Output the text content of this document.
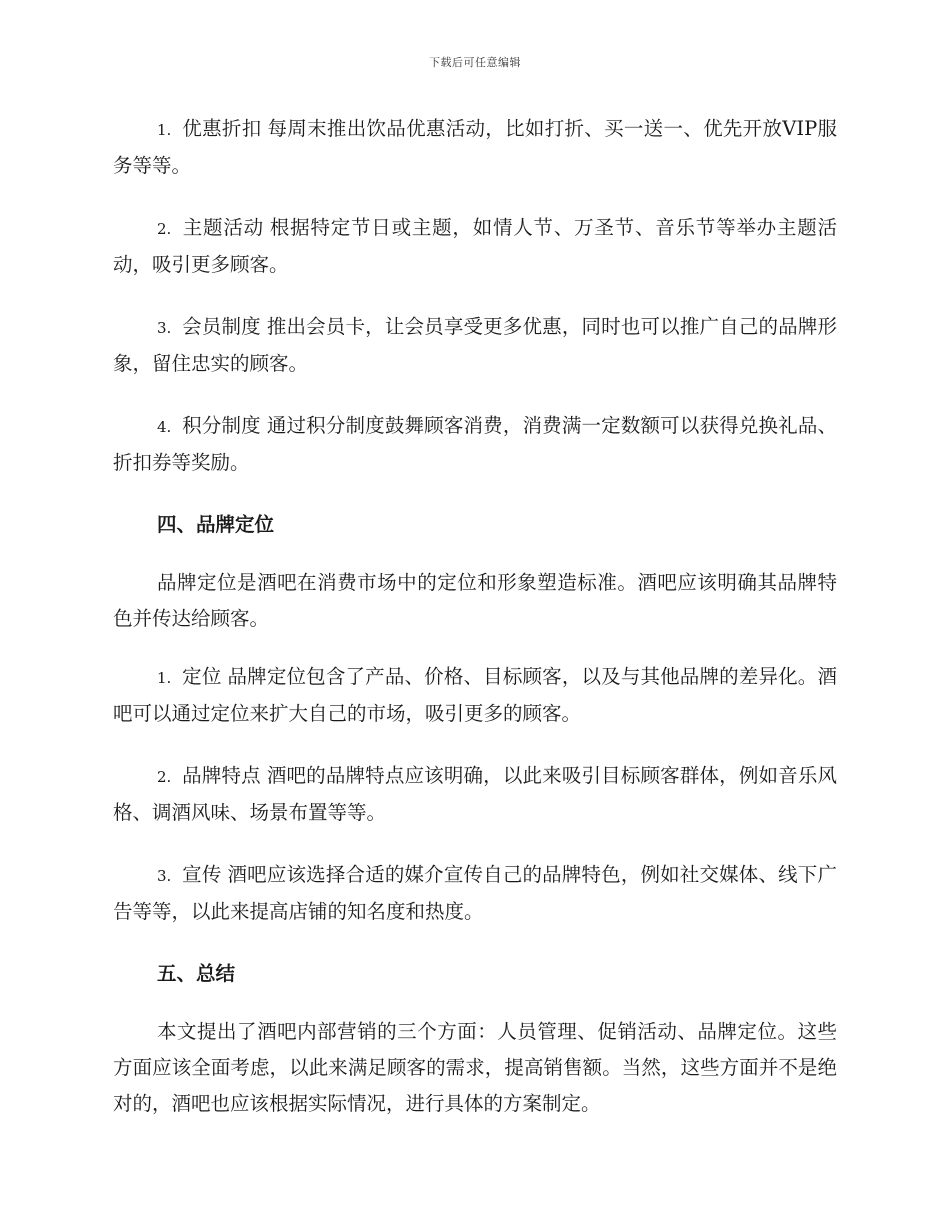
下载后可任意编辑
1. 优惠折扣 每周末推出饮品优惠活动，比如打折、买一送一、优先开放VIP服务等等。
2. 主题活动 根据特定节日或主题，如情人节、万圣节、音乐节等举办主题活动，吸引更多顾客。
3. 会员制度 推出会员卡，让会员享受更多优惠，同时也可以推广自己的品牌形象，留住忠实的顾客。
4. 积分制度 通过积分制度鼓舞顾客消费，消费满一定数额可以获得兑换礼品、折扣券等奖励。
四、品牌定位
品牌定位是酒吧在消费市场中的定位和形象塑造标准。酒吧应该明确其品牌特色并传达给顾客。
1. 定位 品牌定位包含了产品、价格、目标顾客，以及与其他品牌的差异化。酒吧可以通过定位来扩大自己的市场，吸引更多的顾客。
2. 品牌特点 酒吧的品牌特点应该明确，以此来吸引目标顾客群体，例如音乐风格、调酒风味、场景布置等等。
3. 宣传 酒吧应该选择合适的媒介宣传自己的品牌特色，例如社交媒体、线下广告等等，以此来提高店铺的知名度和热度。
五、总结
本文提出了酒吧内部营销的三个方面：人员管理、促销活动、品牌定位。这些方面应该全面考虑，以此来满足顾客的需求，提高销售额。当然，这些方面并不是绝对的，酒吧也应该根据实际情况，进行具体的方案制定。
